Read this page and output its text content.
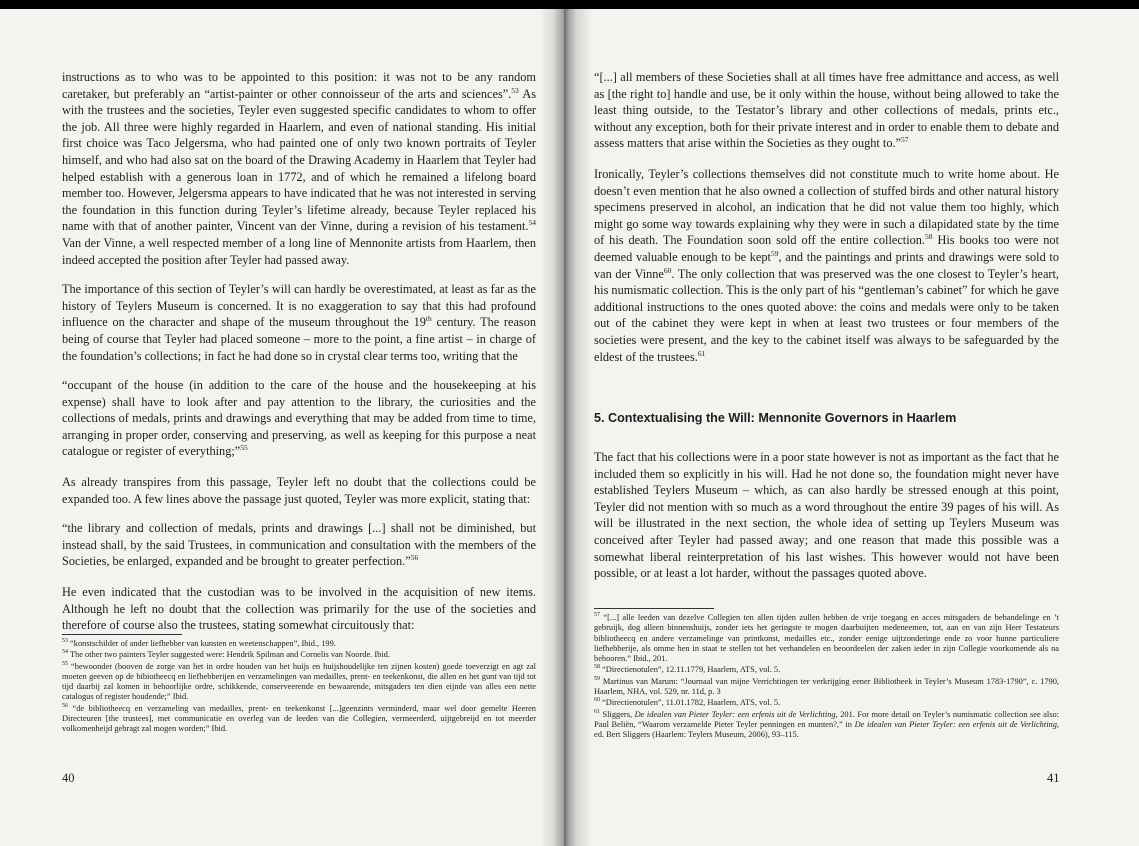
instructions as to who was to be appointed to this position: it was not to be any random caretaker, but preferably an “artist-painter or other connoisseur of the arts and sciences”.$^{53}$ As with the trustees and the societies, Teyler even suggested specific candidates to whom to offer the job. All three were highly regarded in Haarlem, and even of national standing. His initial first choice was Taco Jelgersma, who had painted one of only two known portraits of Teyler himself, and who had also sat on the board of the Drawing Academy in Haarlem that Teyler had helped establish with a generous loan in 1772, and of which he remained a lifelong board member too. However, Jelgersma appears to have indicated that he was not interested in serving the foundation in this function during Teyler’s lifetime already, because Teyler replaced his name with that of another painter, Vincent van der Vinne, during a revision of his testament.$^{54}$ Van der Vinne, a well respected member of a long line of Mennonite artists from Haarlem, then indeed accepted the position after Teyler had passed away.

The importance of this section of Teyler’s will can hardly be overestimated, at least as far as the history of Teylers Museum is concerned. It is no exaggeration to say that this had profound influence on the character and shape of the museum throughout the 19th century. The reason being of course that Teyler had placed someone – more to the point, a fine artist – in charge of the foundation’s collections; in fact he had done so in crystal clear terms too, writing that the

“occupant of the house (in addition to the care of the house and the housekeeping at his expense) shall have to look after and pay attention to the library, the curiosities and the collections of medals, prints and drawings and everything that may be added from time to time, arranging in proper order, conserving and preserving, as well as keeping for this purpose a neat catalogue or register of everything;”$^{55}$

As already transpires from this passage, Teyler left no doubt that the collections could be expanded too. A few lines above the passage just quoted, Teyler was more explicit, stating that:

“the library and collection of medals, prints and drawings [...] shall not be diminished, but instead shall, by the said Trustees, in communication and consultation with the members of the Societies, be enlarged, expanded and be brought to greater perfection.”$^{56}$

He even indicated that the custodian was to be involved in the acquisition of new items. Although he left no doubt that the collection was primarily for the use of the societies and therefore of course also the trustees, stating somewhat circuitously that:

$^{53}$ “konstschilder of ander liefhebber van kunsten en weetenschappen”, Ibid., 199.
$^{54}$ The other two painters Teyler suggested were: Hendrik Spilman and Cornelis van Noorde. Ibid.
$^{55}$ “bewoonder (booven de zorge van het in ordre houden van het huijs en huijshoudelijke ten zijnen kosten) goede toeverzigt en agt zal moeten geeven op de bibiotheecq en liefhebberijen en verzamelingen van medailles, prent- en teekenkonst, die allen en het gunt van tijd tot tijd daarbij zal komen in behoorlijke ordre, schikkende, conserveerende en bewaarende, mitsgaders ten dien eijnde van alles een nette catalogus of register houdende;” Ibid.
$^{56}$ “de bibliotheecq en verzameling van medailles, prent- en teekenkonst [...]geenzints verminderd, maar wel door gemelte Heeren Directeuren [the trustees], met communicatie en overleg van de leeden van die Collegien, vermeerderd, uijtgebreijd en tot meerder volkomenheijd gebragt zal mogen worden;” Ibid.
40

“[...] all members of these Societies shall at all times have free admittance and access, as well as [the right to] handle and use, be it only within the house, without being allowed to take the least thing outside, to the Testator’s library and other collections of medals, prints etc., without any exception, both for their private interest and in order to enable them to debate and assess matters that arise within the Societies as they ought to.”$^{57}$

Ironically, Teyler’s collections themselves did not constitute much to write home about. He doesn’t even mention that he also owned a collection of stuffed birds and other natural history specimens preserved in alcohol, an indication that he did not value them too highly, which might go some way towards explaining why they were in such a dilapidated state by the time of his death. The Foundation soon sold off the entire collection.$^{58}$ His books too were not deemed valuable enough to be kept$^{59}$, and the paintings and prints and drawings were sold to van der Vinne$^{60}$. The only collection that was preserved was the one closest to Teyler’s heart, his numismatic collection. This is the only part of his “gentleman’s cabinet” for which he gave additional instructions to the ones quoted above: the coins and medals were only to be taken out of the cabinet they were kept in when at least two trustees or four members of the societies were present, and the key to the cabinet itself was always to be safeguarded by the eldest of the trustees.$^{61}$

5. Contextualising the Will: Mennonite Governors in Haarlem

The fact that his collections were in a poor state however is not as important as the fact that he included them so explicitly in his will. Had he not done so, the foundation might never have established Teylers Museum – which, as can also hardly be stressed enough at this point, Teyler did not mention with so much as a word throughout the entire 39 pages of his will. As will be illustrated in the next section, the whole idea of setting up Teylers Museum was conceived after Teyler had passed away; and one reason that made this possible was a somewhat liberal reinterpretation of his last wishes. This however would not have been possible, or at least a lot harder, without the passages quoted above.

$^{57}$ “[...] alle leeden van dezelve Collegien ten allen tijden zullen hebben de vrije toegang en acces mitsgaders de behandelinge en ’t gebruijk, dog alleen binnenshuijs, zonder iets het geringste te mogen daarbuijten medeneemen, tot, aan en van zijn Heer Testateurs bibliotheecq en andere verzamelinge van printkonst, medailles etc., zonder eenige uijtzonderinge ende zo voor hunne particuliere liefhebberije, als omme hen in staat te stellen tot het verhandelen en beoordeelen der zaken ieder in zijn Collegie voorkomende als na behooren.” Ibid., 201.
$^{58}$ “Directienotulen”, 12.11.1779, Haarlem, ATS, vol. 5.
$^{59}$ Martinus van Marum: “Journaal van mijne Verrichtingen ter verkrijging eener Bibliotheek in Teyler’s Museum 1783-1790”, c. 1790, Haarlem, NHA, vol. 529, nr. 11d, p. 3
$^{60}$ “Directienotulen”, 11.01.1782, Haarlem, ATS, vol. 5.
$^{61}$ Sliggers, De idealen van Pieter Teyler: een erfenis uit de Verlichting, 201. For more detail on Teyler’s numismatic collection see also: Paul Beliën, “Waarom verzamelde Pieter Teyler penningen en munten?,” in De idealen van Pieter Teyler: een erfenis uit de Verlichting, ed. Bert Sliggers (Haarlem: Teylers Museum, 2006), 93–115.
41
